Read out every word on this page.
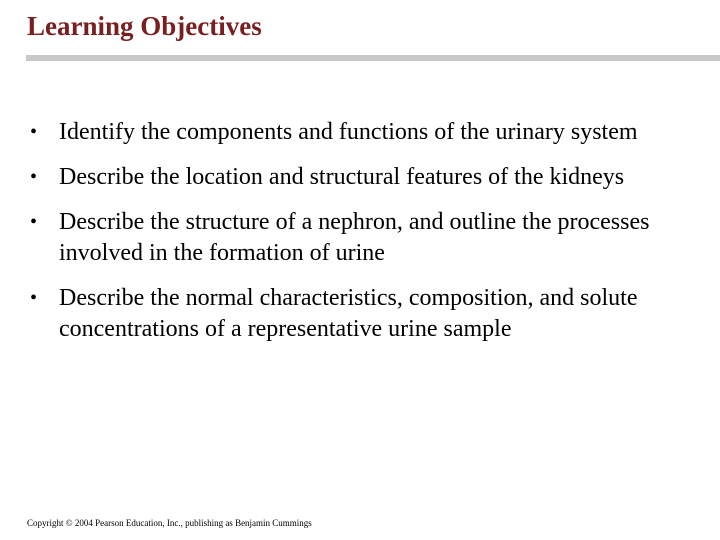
Learning Objectives
• Identify the components and functions of the urinary system
• Describe the location and structural features of the kidneys
• Describe the structure of a nephron, and outline the processes involved in the formation of urine
• Describe the normal characteristics, composition, and solute concentrations of a representative urine sample
Copyright © 2004 Pearson Education, Inc., publishing as Benjamin Cummings
